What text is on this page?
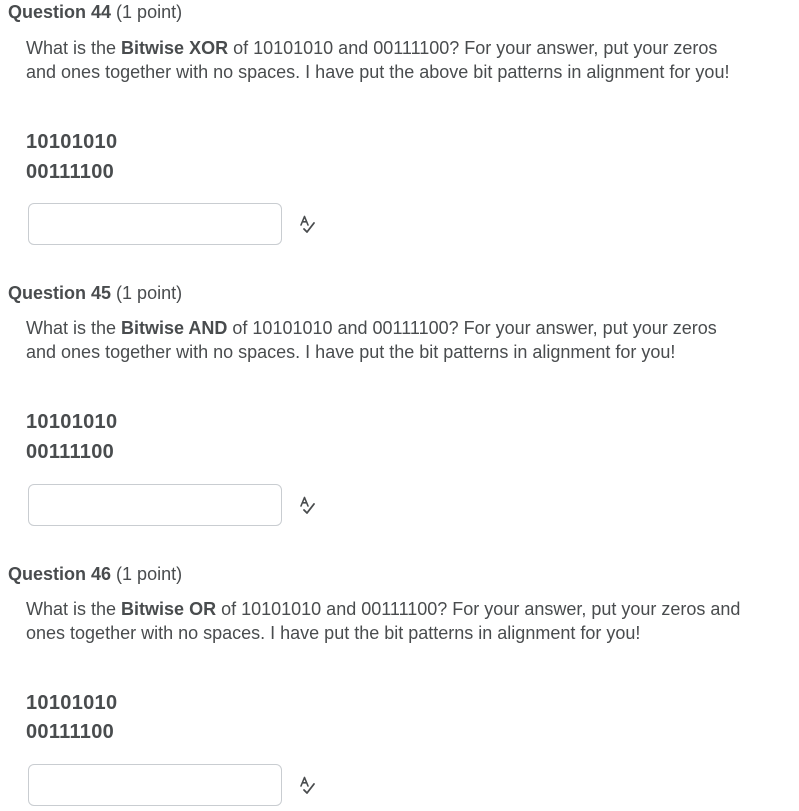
Question 44 (1 point)
What is the Bitwise XOR of 10101010 and 00111100? For your answer, put your zeros and ones together with no spaces. I have put the above bit patterns in alignment for you!
10101010
00111100
Question 45 (1 point)
What is the Bitwise AND of 10101010 and 00111100? For your answer, put your zeros and ones together with no spaces. I have put the bit patterns in alignment for you!
10101010
00111100
Question 46 (1 point)
What is the Bitwise OR of 10101010 and 00111100? For your answer, put your zeros and ones together with no spaces. I have put the bit patterns in alignment for you!
10101010
00111100
